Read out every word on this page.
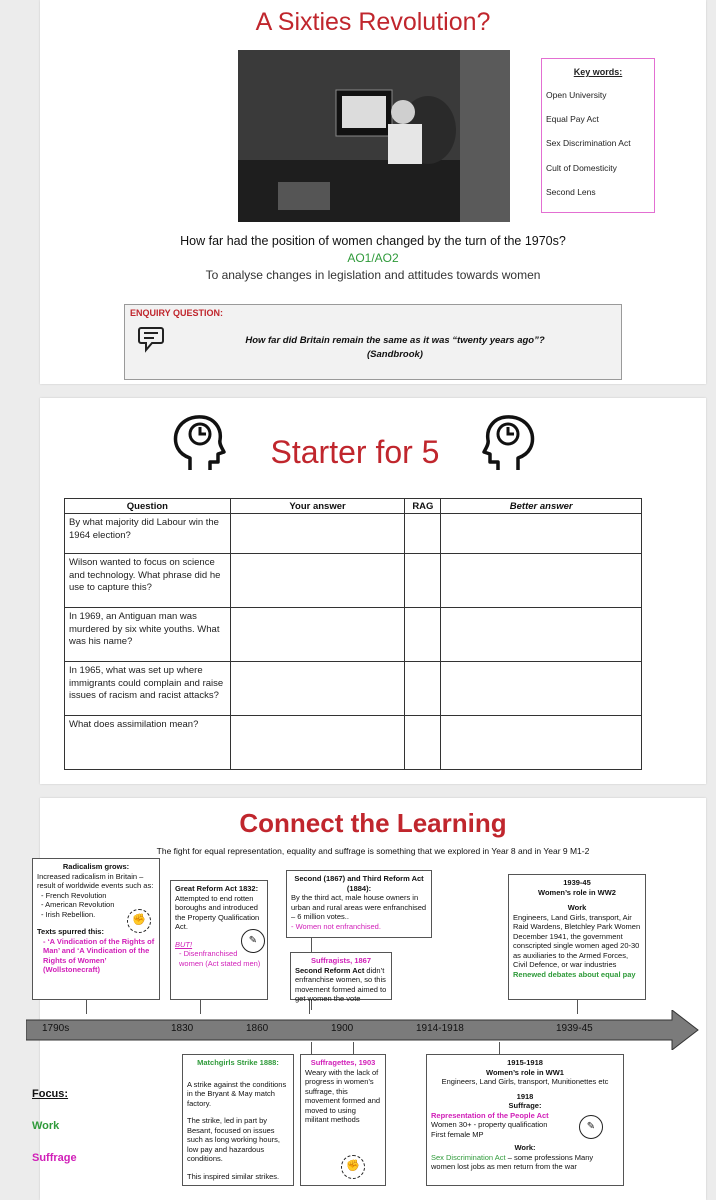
A Sixties Revolution?
Key words:
Open University
Equal Pay Act
Sex Discrimination Act
Cult of Domesticity
Second Lens
How far had the position of women changed by the turn of the 1970s?
AO1/AO2
To analyse changes in legislation and attitudes towards women
ENQUIRY QUESTION:
How far did Britain remain the same as it was “twenty years ago”?
(Sandbrook)
Starter for 5
Question	Your answer	RAG	Better answer
By what majority did Labour win the 1964 election?			
Wilson wanted to focus on science and technology. What phrase did he use to capture this?			
In 1969, an Antiguan man was murdered by six white youths. What was his name?			
In 1965, what was set up where immigrants could complain and raise issues of racism and racist attacks?			
What does assimilation mean?			
Connect the Learning
The fight for equal representation, equality and suffrage is something that we explored in Year 8 and in Year 9 M1-2
1790s	1830	1860	1900	1914-1918	1939-45
Radicalism grows:
Increased radicalism in Britain – result of worldwide events such as:
- French Revolution
- American Revolution
- Irish Rebellion.
Texts spurred this:
- ‘A Vindication of the Rights of Man’ and ‘A Vindication of the Rights of Women’ (Wollstonecraft)
✊
Great Reform Act 1832:
Attempted to end rotten boroughs and introduced the Property Qualification Act.
BUT!
- Disenfranchised women (Act stated men)
✎
Second (1867) and Third Reform Act (1884):
By the third act, male house owners in urban and rural areas were enfranchised – 6 million votes..
- Women not enfranchised.
Suffragists, 1867
Second Reform Act didn’t enfranchise women, so this movement formed aimed to get women the vote
1939-45
Women’s role in WW2
Work
Engineers, Land Girls, transport, Air Raid Wardens, Bletchley Park Women December 1941, the government conscripted single women aged 20-30 as auxiliaries to the Armed Forces, Civil Defence, or war industries
Renewed debates about equal pay
Focus:
Work
Suffrage
Matchgirls Strike 1888:
A strike against the conditions in the Bryant & May match factory.
The strike, led in part by Besant, focused on issues such as long working hours, low pay and hazardous conditions.
This inspired similar strikes.
Suffragettes, 1903
Weary with the lack of progress in women’s suffrage, this movement formed and moved to using militant methods
✊
1915-1918
Women’s role in WW1
Engineers, Land Girls, transport, Munitionettes etc
1918
Suffrage:
Representation of the People Act
Women 30+ - property qualification
First female MP
Work:
Sex Discrimination Act – some professions Many women lost jobs as men return from the war
✎
